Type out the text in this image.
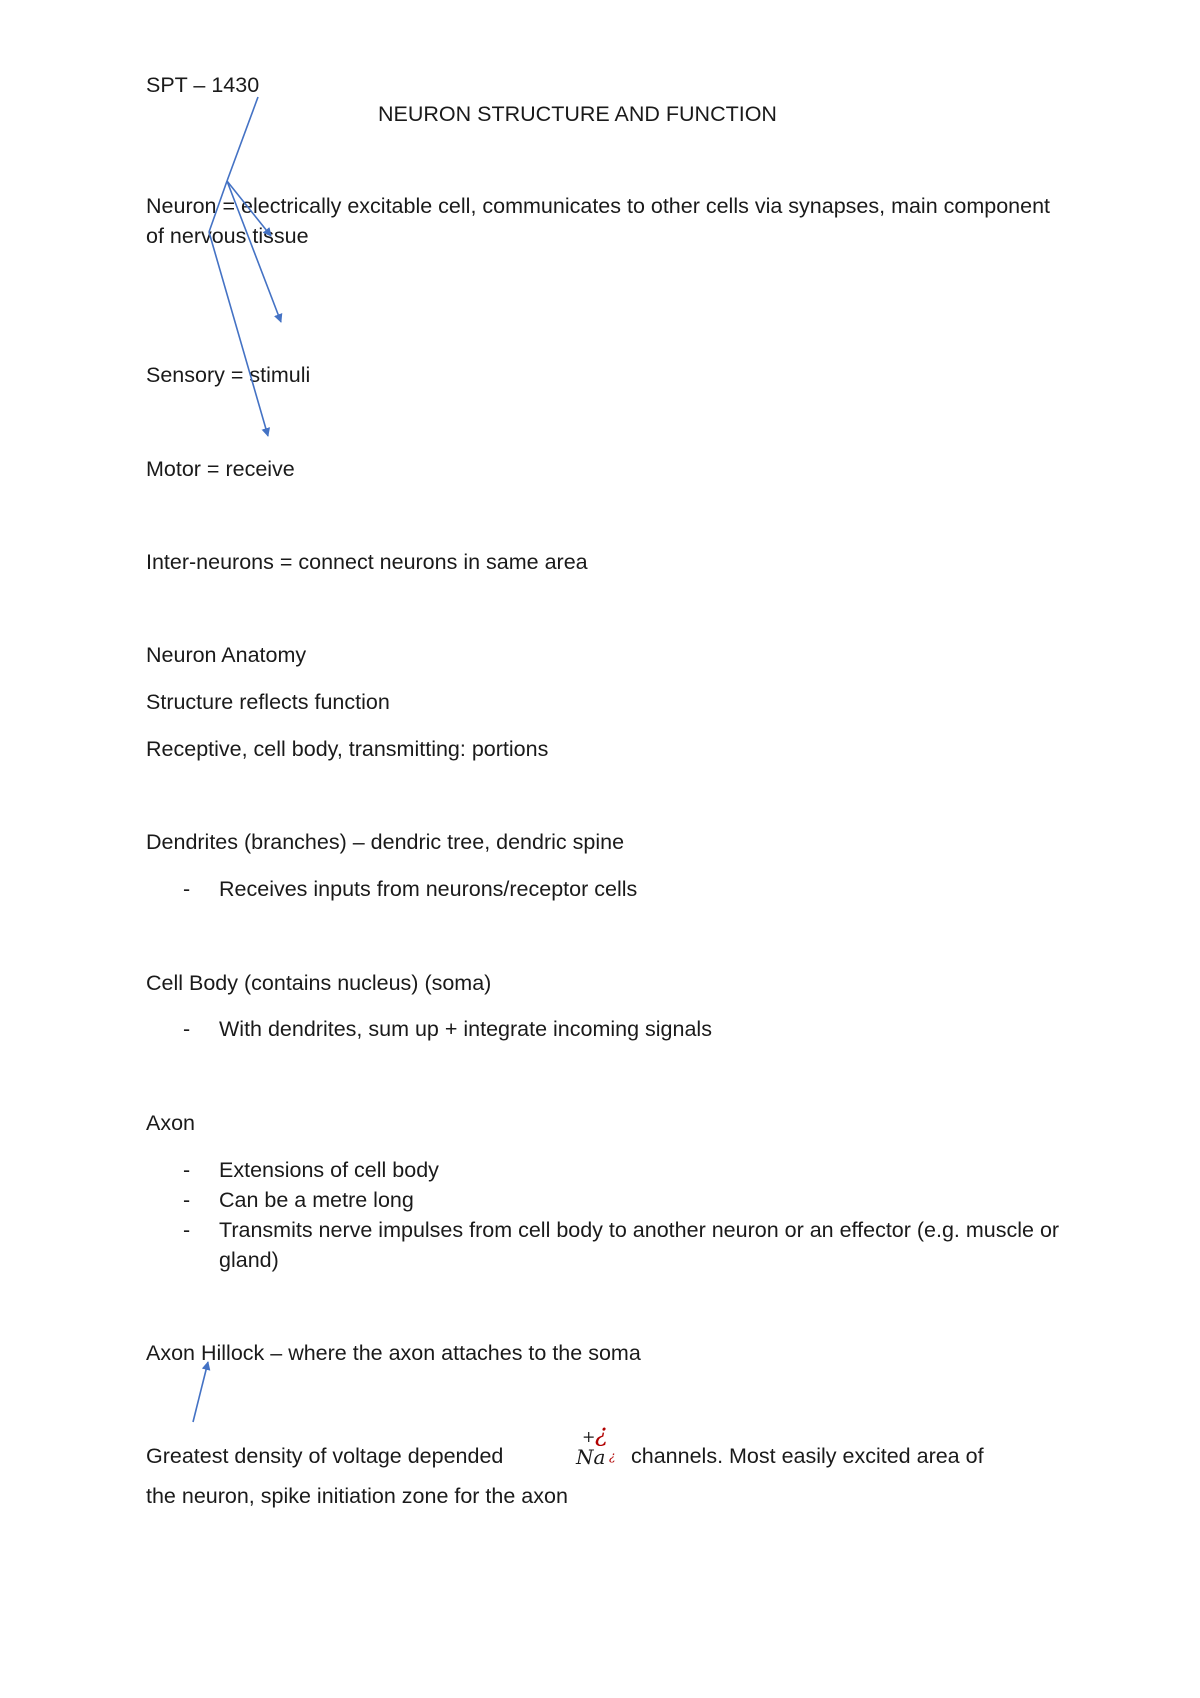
SPT – 1430
NEURON STRUCTURE AND FUNCTION
Neuron = electrically excitable cell, communicates to other cells via synapses, main component of nervous tissue
Sensory = stimuli
Motor = receive
Inter-neurons = connect neurons in same area
Neuron Anatomy
Structure reflects function
Receptive, cell body, transmitting: portions
Dendrites (branches) – dendric tree, dendric spine
- Receives inputs from neurons/receptor cells
Cell Body (contains nucleus) (soma)
- With dendrites, sum up + integrate incoming signals
Axon
- Extensions of cell body
- Can be a metre long
- Transmits nerve impulses from cell body to another neuron or an effector (e.g. muscle or gland)
Axon Hillock – where the axon attaches to the soma
Greatest density of voltage depended
+ ¿
Na ¿ channels. Most easily excited area of
the neuron, spike initiation zone for the axon
